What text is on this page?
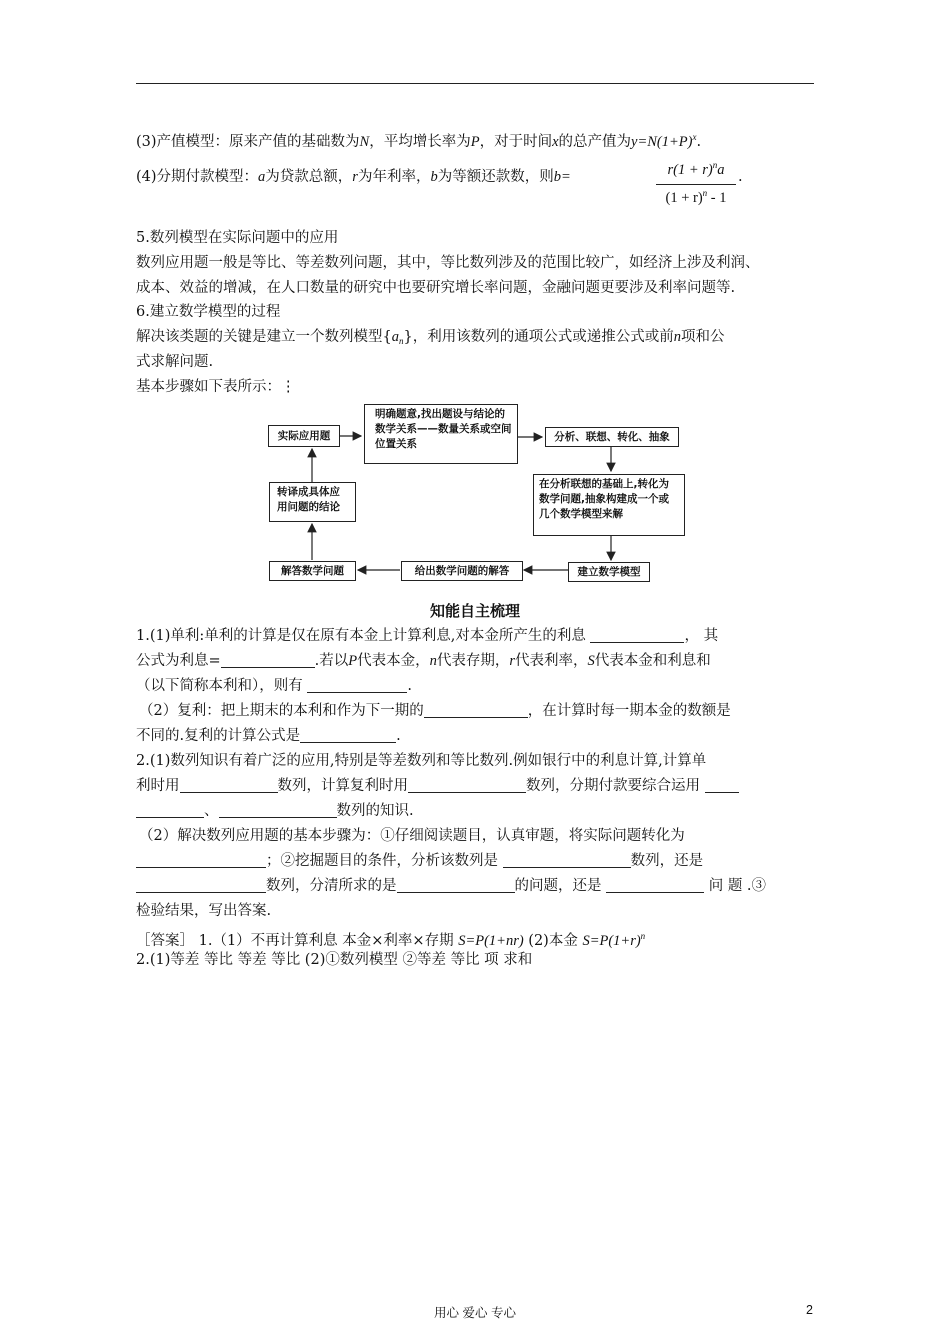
(3)产值模型：原来产值的基础数为N，平均增长率为P，对于时间x的总产值为$y=N(1+P)^x$.
(4)分期付款模型：a为贷款总额，r为年利率，b为等额还款数，则b=	$r(1 + r)^na$
$(1 + r)^n - 1$
.
5.数列模型在实际问题中的应用
数列应用题一般是等比、等差数列问题，其中，等比数列涉及的范围比较广，如经济上涉及利润、
成本、效益的增减，在人口数量的研究中也要研究增长率问题，金融问题更要涉及利率问题等.
6.建立数学模型的过程
解决该类题的关键是建立一个数列模型$\{a_n\}$，利用该数列的通项公式或递推公式或前n项和公
式求解问题.
基本步骤如下表所示：⋮
实际应用题
明确题意,找出题设与结论的数学关系——数量关系或空间位置关系
分析、联想、转化、抽象
在分析联想的基础上,转化为数学问题,抽象构建成一个或几个数学模型来解
建立数学模型
给出数学问题的解答
解答数学问题
转译成具体应用问题的结论
知能自主梳理
1.(1)单利:单利的计算是仅在原有本金上计算利息,对本金所产生的利息	， 其
公式为利息=	.若以P代表本金，n代表存期，r代表利率，S代表本金和利息和
（以下简称本利和），则有	.
（2）复利：把上期末的本利和作为下一期的	，在计算时每一期本金的数额是
不同的.复利的计算公式是	.
2.(1)数列知识有着广泛的应用,特别是等差数列和等比数列.例如银行中的利息计算,计算单
利时用	数列，计算复利时用	数列，分期付款要综合运用
、	数列的知识.
（2）解决数列应用题的基本步骤为：①仔细阅读题目，认真审题，将实际问题转化为
；②挖掘题目的条件，分析该数列是	数列，还是
数列，分清所求的是	的问题，还是	问 题 .③
检验结果，写出答案.
［答案］ 1.（1）不再计算利息 本金×利率×存期 S=P(1+nr) (2)本金 $S=P(1+r)^n$
2.(1)等差 等比 等差 等比 (2)①数列模型 ②等差 等比 项 求和
用心 爱心 专心	2
